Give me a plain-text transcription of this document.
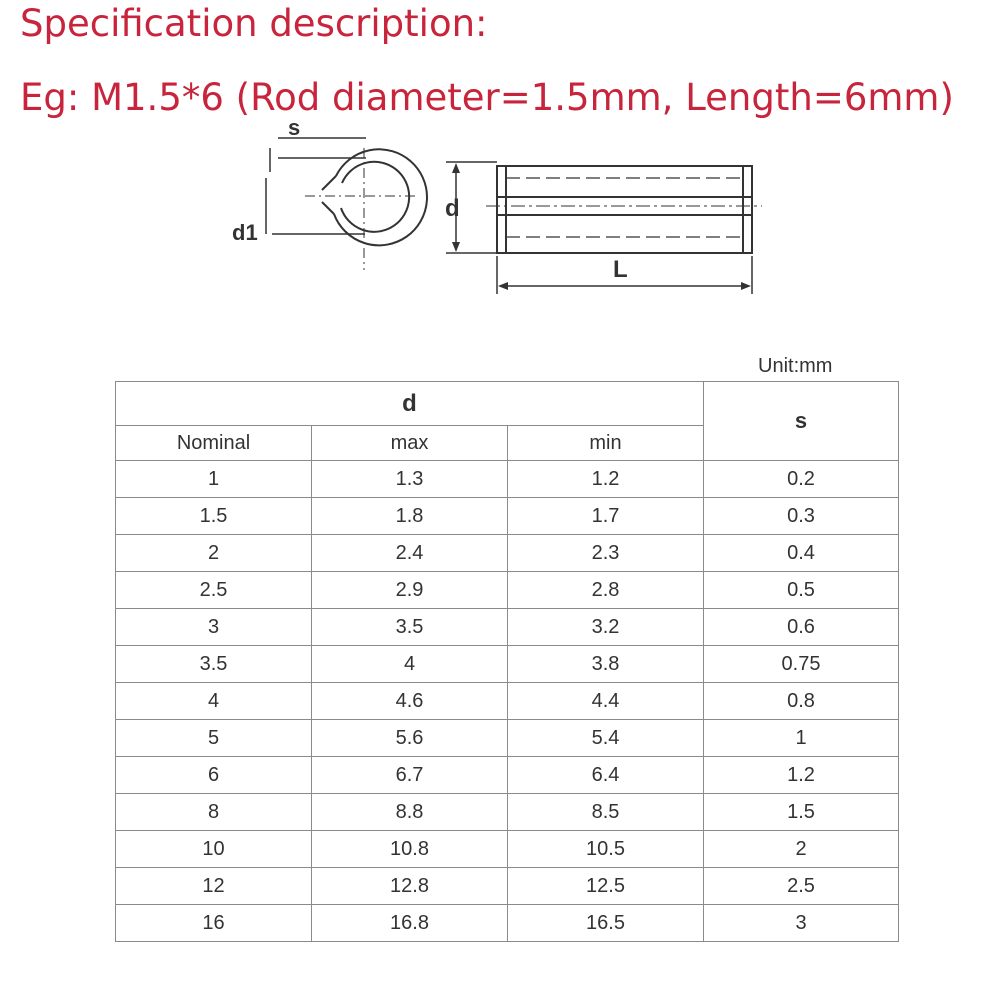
Specification description:
Eg: M1.5*6 (Rod diameter=1.5mm, Length=6mm)
s
d1
d
L
Unit:mm
d			s
Nominal	max	min	
1	1.3	1.2	0.2
1.5	1.8	1.7	0.3
2	2.4	2.3	0.4
2.5	2.9	2.8	0.5
3	3.5	3.2	0.6
3.5	4	3.8	0.75
4	4.6	4.4	0.8
5	5.6	5.4	1
6	6.7	6.4	1.2
8	8.8	8.5	1.5
10	10.8	10.5	2
12	12.8	12.5	2.5
16	16.8	16.5	3
